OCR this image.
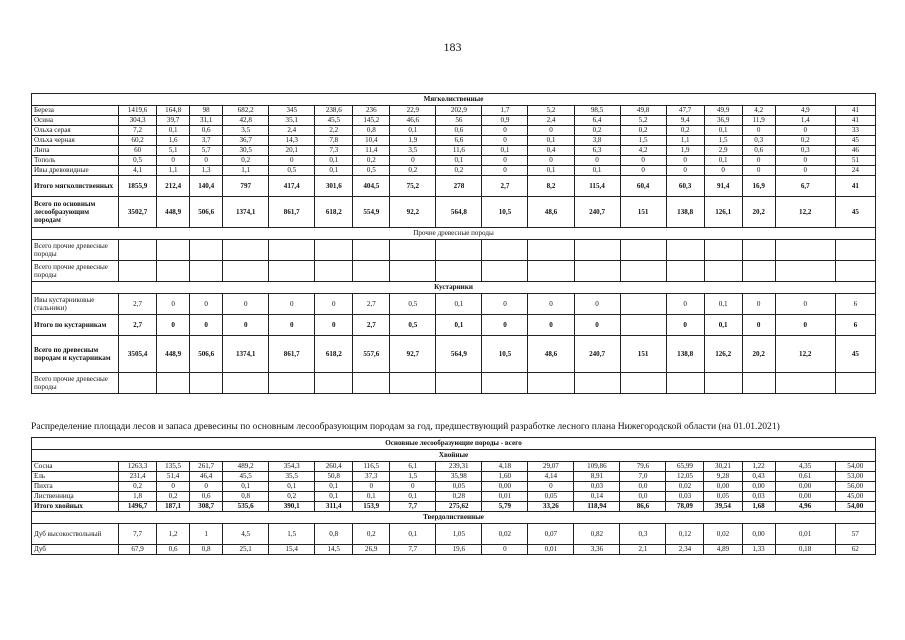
183
Мягколиственные																		
Береза	1419,6	164,8	98	682,2	345	238,6	236	22,9	202,9	1,7	5,2	98,5	49,8	47,7	49,9	4,2	4,9	41
Осина	304,3	39,7	31,1	42,8	35,1	45,5	145,2	46,6	56	0,9	2,4	6,4	5,2	9,4	36,9	11,9	1,4	41
Ольха серая	7,2	0,1	0,6	3,5	2,4	2,2	0,8	0,1	0,6	0	0	0,2	0,2	0,2	0,1	0	0	33
Ольха черная	60,2	1,6	3,7	36,7	14,3	7,8	10,4	1,9	6,6	0	0,1	3,8	1,5	1,1	1,5	0,3	0,2	45
Липа	60	5,1	5,7	30,5	20,1	7,3	11,4	3,5	11,6	0,1	0,4	6,3	4,2	1,9	2,9	0,6	0,3	46
Тополь	0,5	0	0	0,2	0	0,1	0,2	0	0,1	0	0	0	0	0	0,1	0	0	51
Ивы древовидные	4,1	1,1	1,3	1,1	0,5	0,1	0,5	0,2	0,2	0	0,1	0,1	0	0	0	0	0	24
Итого мягколиственных	1855,9	212,4	140,4	797	417,4	301,6	404,5	75,2	278	2,7	8,2	115,4	60,4	60,3	91,4	16,9	6,7	41
Всего по основным лесообразующим породам	3502,7	448,9	506,6	1374,1	861,7	618,2	554,9	92,2	564,8	10,5	48,6	240,7	151	138,8	126,1	20,2	12,2	45
Прочие древесные породы																		
Всего прочие древесные породы																		
Всего прочие древесные породы																		
Кустарники																		
Ивы кустарниковые (тальники)	2,7	0	0	0	0	0	2,7	0,5	0,1	0	0	0		0	0,1	0	0	6
Итого по кустарникам	2,7	0	0	0	0	0	2,7	0,5	0,1	0	0	0		0	0,1	0	0	6
Всего по древесным породам и кустарникам	3505,4	448,9	506,6	1374,1	861,7	618,2	557,6	92,7	564,9	10,5	48,6	240,7	151	138,8	126,2	20,2	12,2	45
Всего прочие древесные породы																		
Распределение площади лесов и запаса древесины по основным лесообразующим породам за год, предшествующий разработке лесного плана Нижегородской области (на 01.01.2021)
Основные лесообразующие породы - всего																		
Хвойные																		
Сосна	1263,3	135,5	261,7	489,2	354,3	260,4	116,5	6,1	239,31	4,18	29,07	109,86	79,6	65,99	30,21	1,22	4,35	54,00
Ель	231,4	51,4	46,4	45,5	35,5	50,8	37,3	1,5	35,98	1,60	4,14	8,91	7,0	12,05	9,28	0,43	0,61	53,00
Пихта	0,2	0	0	0,1	0,1	0,1	0	0	0,05	0,00	0	0,03	0,0	0,02	0,00	0,00	0,00	56,00
Лиственница	1,8	0,2	0,6	0,8	0,2	0,1	0,1	0,1	0,28	0,01	0,05	0,14	0,0	0,03	0,05	0,03	0,00	45,00
Итого хвойных	1496,7	187,1	308,7	535,6	390,1	311,4	153,9	7,7	275,62	5,79	33,26	118,94	86,6	78,09	39,54	1,68	4,96	54,00
Твердолиственные																		
Дуб высокоствольный	7,7	1,2	1	4,5	1,5	0,8	0,2	0,1	1,05	0,02	0,07	0,82	0,3	0,12	0,02	0,00	0,01	57
Дуб	67,9	0,6	0,8	25,1	15,4	14,5	26,9	7,7	19,6	0	0,01	3,36	2,1	2,34	4,89	1,33	0,18	62
